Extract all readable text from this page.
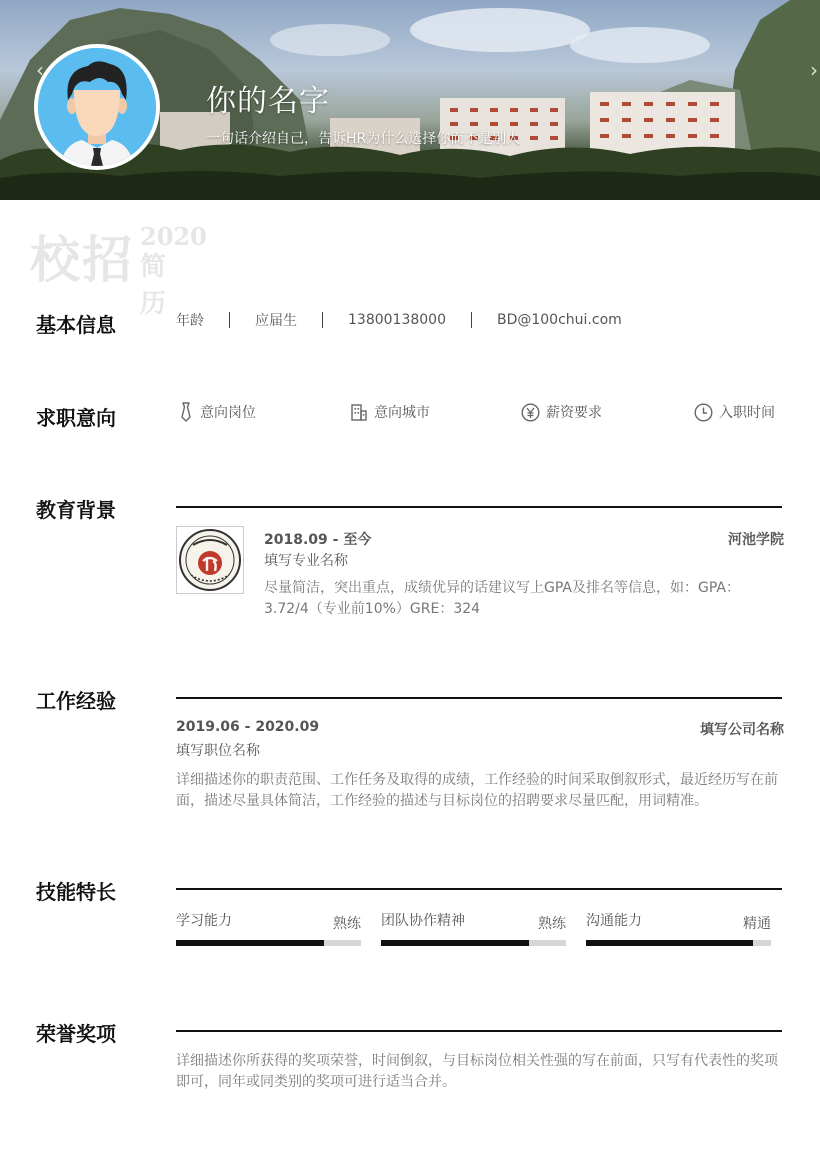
‹	›
你的名字
一句话介绍自己，告诉HR为什么选择你而不是别人
校招 2020
简历
基本信息	年龄	应届生	13800138000	BD@100chui.com
求职意向	意向岗位	意向城市	薪资要求	入职时间
教育背景
2018.09 - 至今	河池学院
填写专业名称
尽量简洁，突出重点，成绩优异的话建议写上GPA及排名等信息，如：GPA：3.72/4（专业前10%）GRE：324
工作经验
2019.06 - 2020.09	填写公司名称
填写职位名称
详细描述你的职责范围、工作任务及取得的成绩，工作经验的时间采取倒叙形式，最近经历写在前面，描述尽量具体简洁，工作经验的描述与目标岗位的招聘要求尽量匹配，用词精准。
技能特长
学习能力	熟练 团队协作精神	熟练 沟通能力	精通
荣誉奖项
详细描述你所获得的奖项荣誉，时间倒叙，与目标岗位相关性强的写在前面，只写有代表性的奖项即可，同年或同类别的奖项可进行适当合并。
